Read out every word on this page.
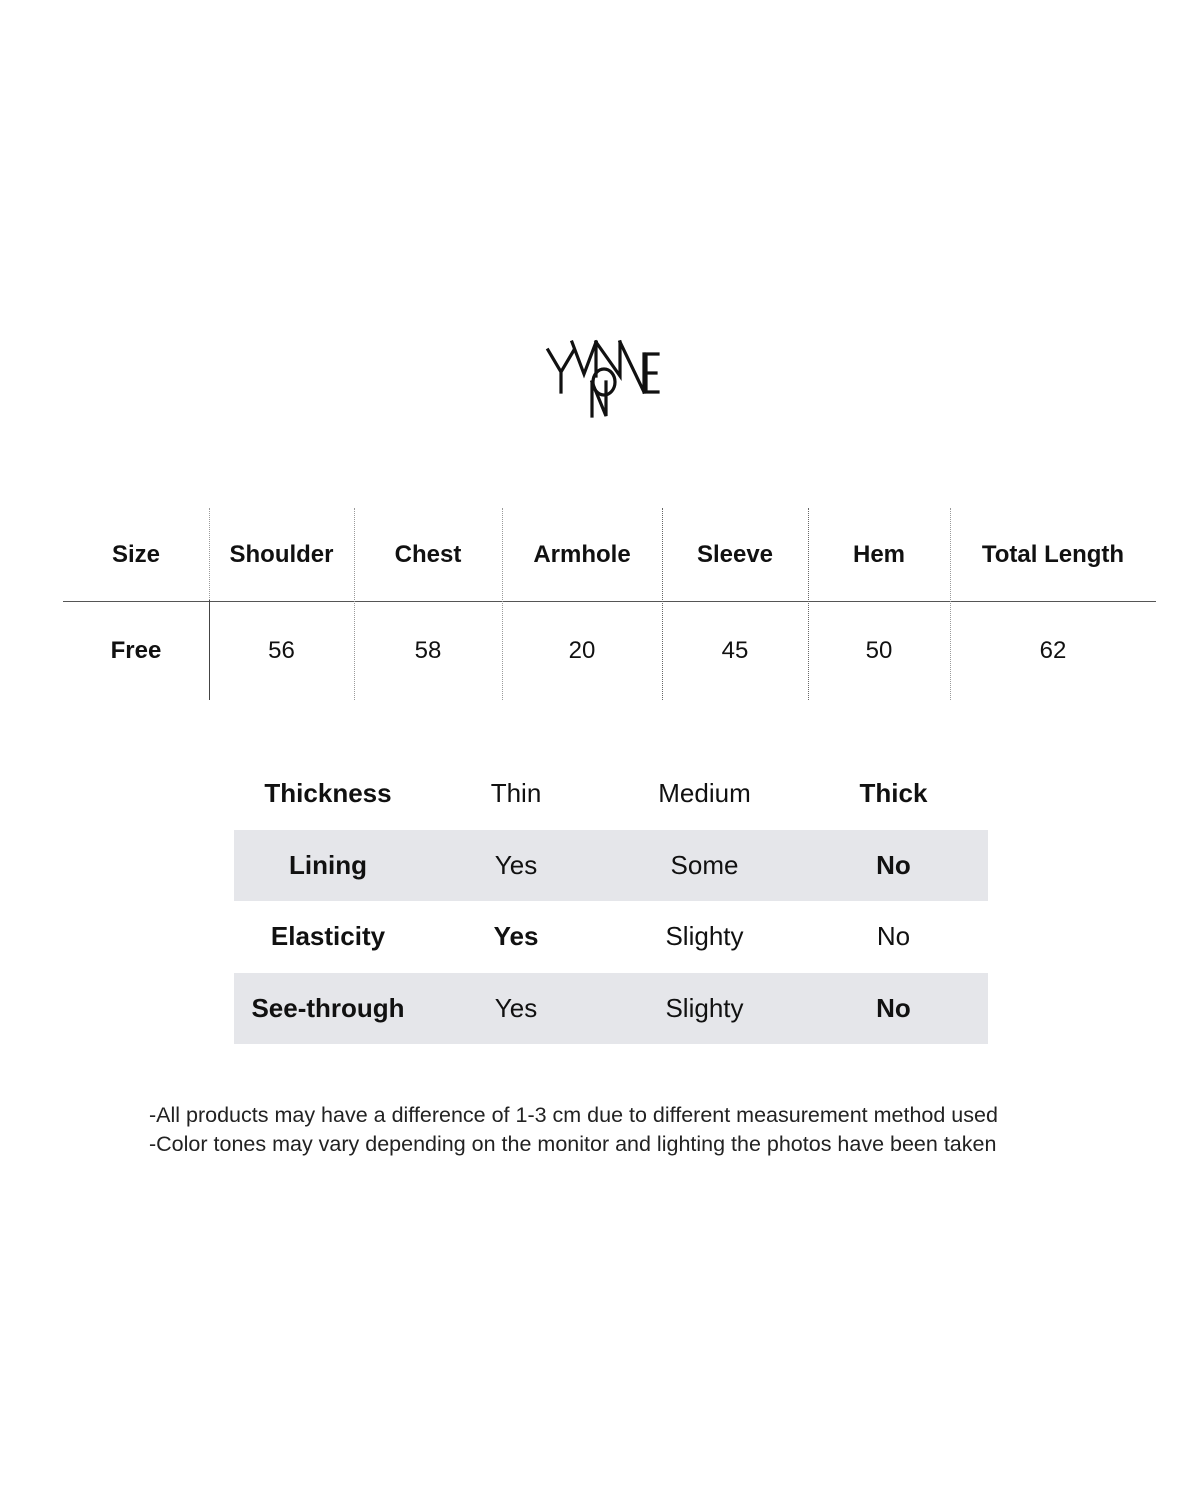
Size	Shoulder	Chest	Armhole	Sleeve	Hem	Total Length
Free	56	58	20	45	50	62
Thickness	Thin	Medium	Thick
Lining	Yes	Some	No
Elasticity	Yes	Slighty	No
See-through	Yes	Slighty	No
-All products may have a difference of 1-3 cm due to different measurement method used
-Color tones may vary depending on the monitor and lighting the photos have been taken
